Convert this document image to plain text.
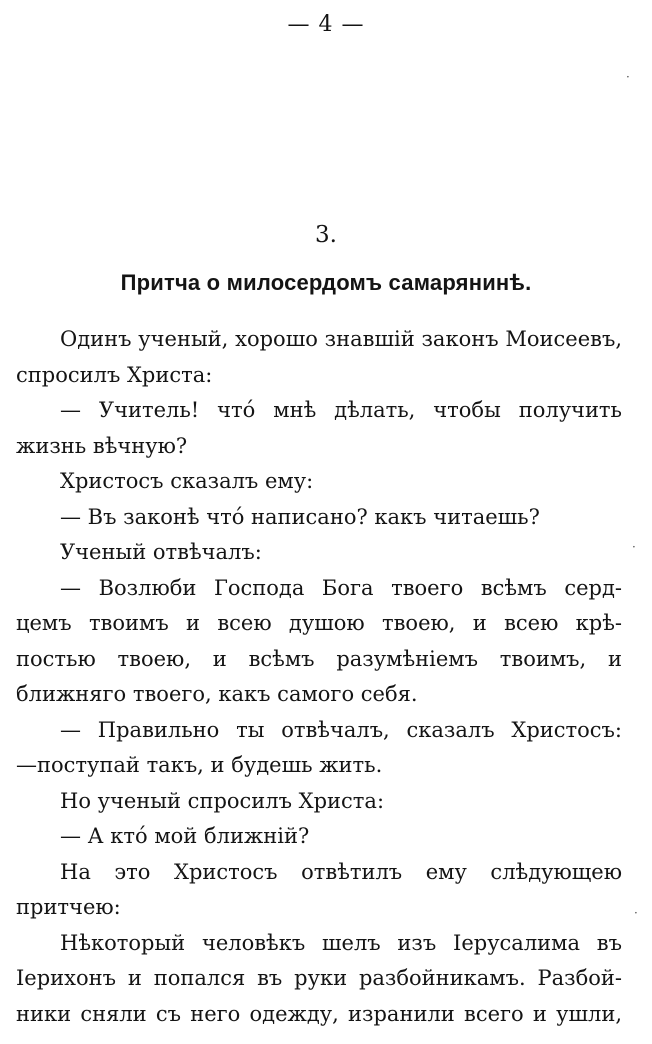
— 4 —
3.
Притча о милосердомъ самарянинѣ.
Одинъ ученый, хорошо знавшій законъ Моисеевъ,
спросилъ Христа:
— Учитель! что́ мнѣ дѣлать, чтобы получить
жизнь вѣчную?
Христосъ сказалъ ему:
— Въ законѣ что́ написано? какъ читаешь?
Ученый отвѣчалъ:
— Возлюби Господа Бога твоего всѣмъ серд-
цемъ твоимъ и всею душою твоею, и всею крѣ-
постью твоею, и всѣмъ разумѣніемъ твоимъ, и
ближняго твоего, какъ самого себя.
— Правильно ты отвѣчалъ, сказалъ Христосъ:
—поступай такъ, и будешь жить.
Но ученый спросилъ Христа:
— А кто́ мой ближній?
На это Христосъ отвѣтилъ ему слѣдующею
притчею:
Нѣкоторый человѣкъ шелъ изъ Іерусалима въ
Іерихонъ и попался въ руки разбойникамъ. Разбой-
ники сняли съ него одежду, изранили всего и ушли,
·
·
·
